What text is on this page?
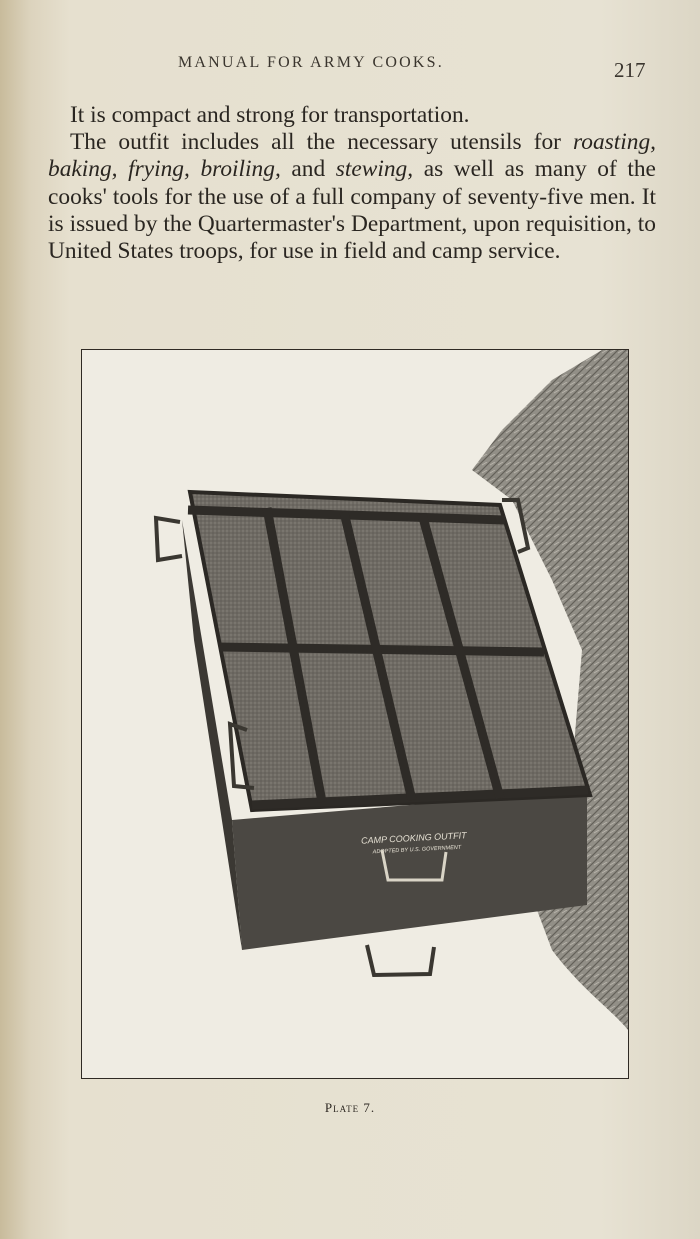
MANUAL FOR ARMY COOKS.	217

It is compact and strong for transportation.

The outfit includes all the necessary utensils for roasting, baking, frying, broiling, and stewing, as well as many of the cooks' tools for the use of a full company of seventy-five men. It is issued by the Quartermaster's Department, upon requisition, to United States troops, for use in field and camp service.

CAMP COOKING OUTFIT
ADOPTED BY U.S. GOVERNMENT
Plate 7.
